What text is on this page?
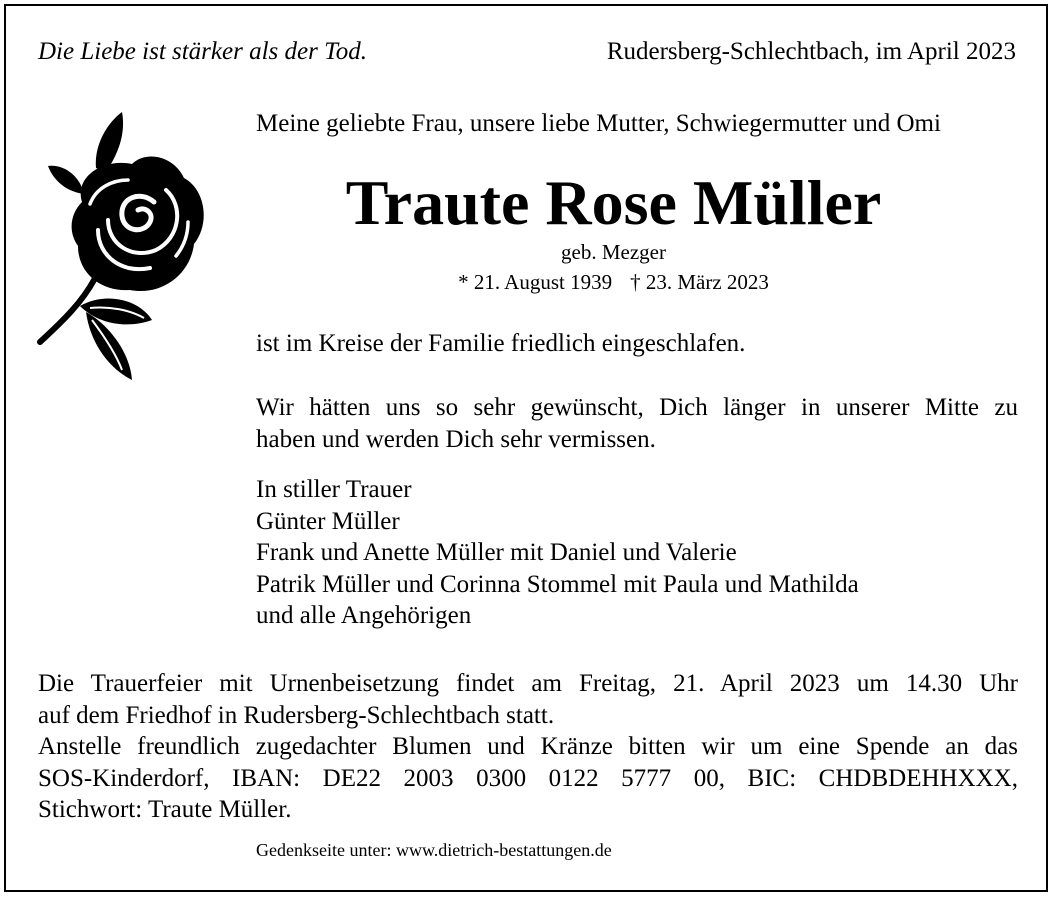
Die Liebe ist stärker als der Tod.	Rudersberg-Schlechtbach, im April 2023
Meine geliebte Frau, unsere liebe Mutter, Schwiegermutter und Omi
Traute Rose Müller
geb. Mezger
* 21. August 1939 † 23. März 2023
ist im Kreise der Familie friedlich eingeschlafen.
Wir hätten uns so sehr gewünscht, Dich länger in unserer Mitte zu
haben und werden Dich sehr vermissen.
In stiller Trauer
Günter Müller
Frank und Anette Müller mit Daniel und Valerie
Patrik Müller und Corinna Stommel mit Paula und Mathilda
und alle Angehörigen
Die Trauerfeier mit Urnenbeisetzung findet am Freitag, 21. April 2023 um 14.30 Uhr
auf dem Friedhof in Rudersberg-Schlechtbach statt.
Anstelle freundlich zugedachter Blumen und Kränze bitten wir um eine Spende an das
SOS-Kinderdorf, IBAN: DE22 2003 0300 0122 5777 00, BIC: CHDBDEHHXXX,
Stichwort: Traute Müller.
Gedenkseite unter: www.dietrich-bestattungen.de
